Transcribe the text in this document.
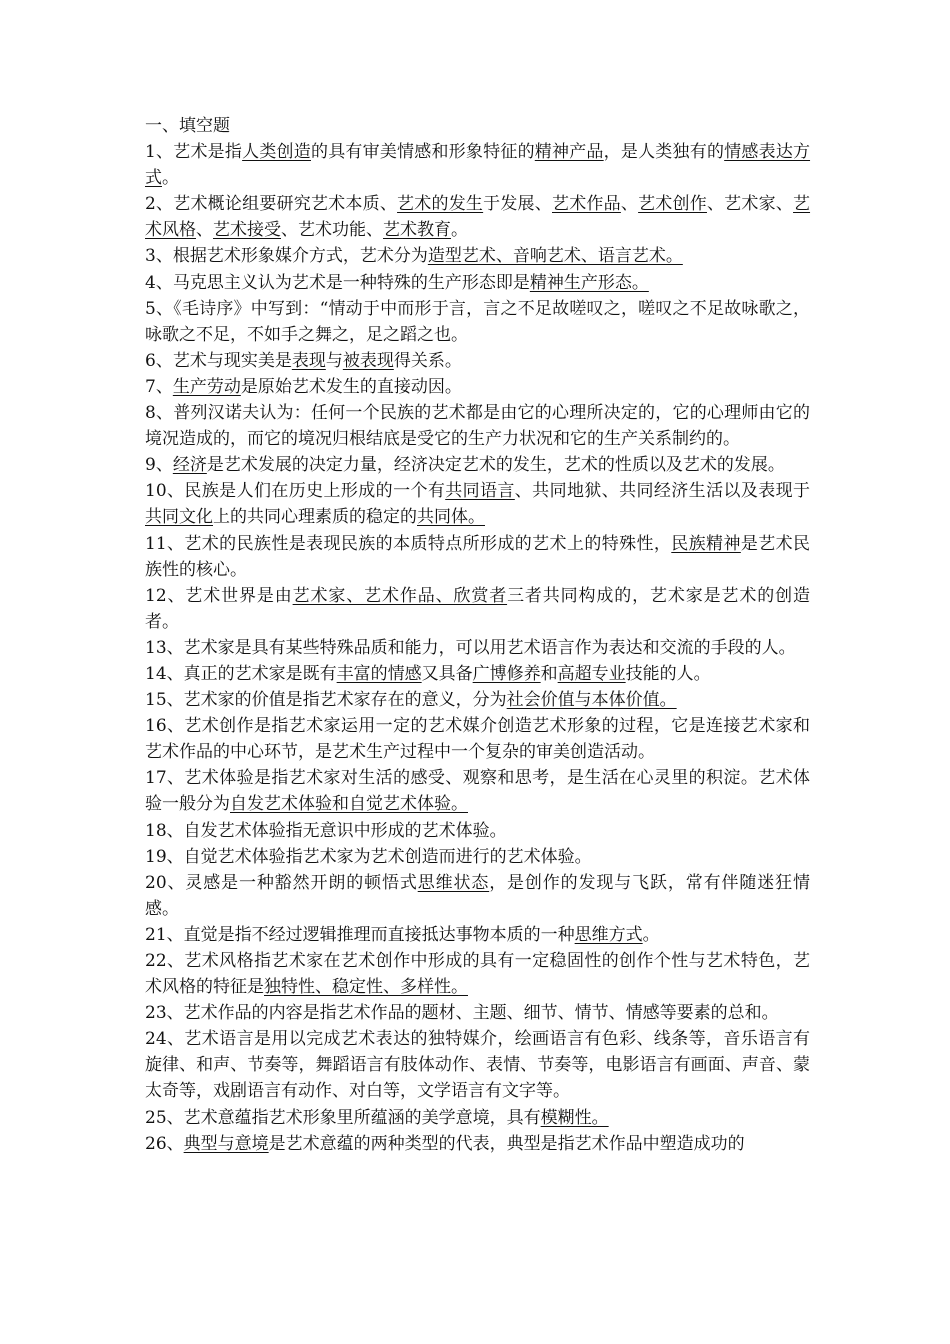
一、填空题
1、艺术是指人类创造的具有审美情感和形象特征的精神产品，是人类独有的情感表达方式。
2、艺术概论组要研究艺术本质、艺术的发生于发展、艺术作品、艺术创作、艺术家、艺术风格、艺术接受、艺术功能、艺术教育。
3、根据艺术形象媒介方式，艺术分为造型艺术、音响艺术、语言艺术。
4、马克思主义认为艺术是一种特殊的生产形态即是精神生产形态。
5、《毛诗序》中写到：“情动于中而形于言，言之不足故嗟叹之，嗟叹之不足故咏歌之，咏歌之不足，不如手之舞之，足之蹈之也。
6、艺术与现实美是表现与被表现得关系。
7、生产劳动是原始艺术发生的直接动因。
8、普列汉诺夫认为：任何一个民族的艺术都是由它的心理所决定的，它的心理师由它的境况造成的，而它的境况归根结底是受它的生产力状况和它的生产关系制约的。
9、经济是艺术发展的决定力量，经济决定艺术的发生，艺术的性质以及艺术的发展。
10、民族是人们在历史上形成的一个有共同语言、共同地狱、共同经济生活以及表现于共同文化上的共同心理素质的稳定的共同体。
11、艺术的民族性是表现民族的本质特点所形成的艺术上的特殊性，民族精神是艺术民族性的核心。
12、艺术世界是由艺术家、艺术作品、欣赏者三者共同构成的，艺术家是艺术的创造者。
13、艺术家是具有某些特殊品质和能力，可以用艺术语言作为表达和交流的手段的人。
14、真正的艺术家是既有丰富的情感又具备广博修养和高超专业技能的人。
15、艺术家的价值是指艺术家存在的意义，分为社会价值与本体价值。
16、艺术创作是指艺术家运用一定的艺术媒介创造艺术形象的过程，它是连接艺术家和艺术作品的中心环节，是艺术生产过程中一个复杂的审美创造活动。
17、艺术体验是指艺术家对生活的感受、观察和思考，是生活在心灵里的积淀。艺术体验一般分为自发艺术体验和自觉艺术体验。
18、自发艺术体验指无意识中形成的艺术体验。
19、自觉艺术体验指艺术家为艺术创造而进行的艺术体验。
20、灵感是一种豁然开朗的顿悟式思维状态，是创作的发现与飞跃，常有伴随迷狂情感。
21、直觉是指不经过逻辑推理而直接抵达事物本质的一种思维方式。
22、艺术风格指艺术家在艺术创作中形成的具有一定稳固性的创作个性与艺术特色，艺术风格的特征是独特性、稳定性、多样性。
23、艺术作品的内容是指艺术作品的题材、主题、细节、情节、情感等要素的总和。
24、艺术语言是用以完成艺术表达的独特媒介，绘画语言有色彩、线条等，音乐语言有旋律、和声、节奏等，舞蹈语言有肢体动作、表情、节奏等，电影语言有画面、声音、蒙太奇等，戏剧语言有动作、对白等，文学语言有文字等。
25、艺术意蕴指艺术形象里所蕴涵的美学意境，具有模糊性。
26、典型与意境是艺术意蕴的两种类型的代表，典型是指艺术作品中塑造成功的
